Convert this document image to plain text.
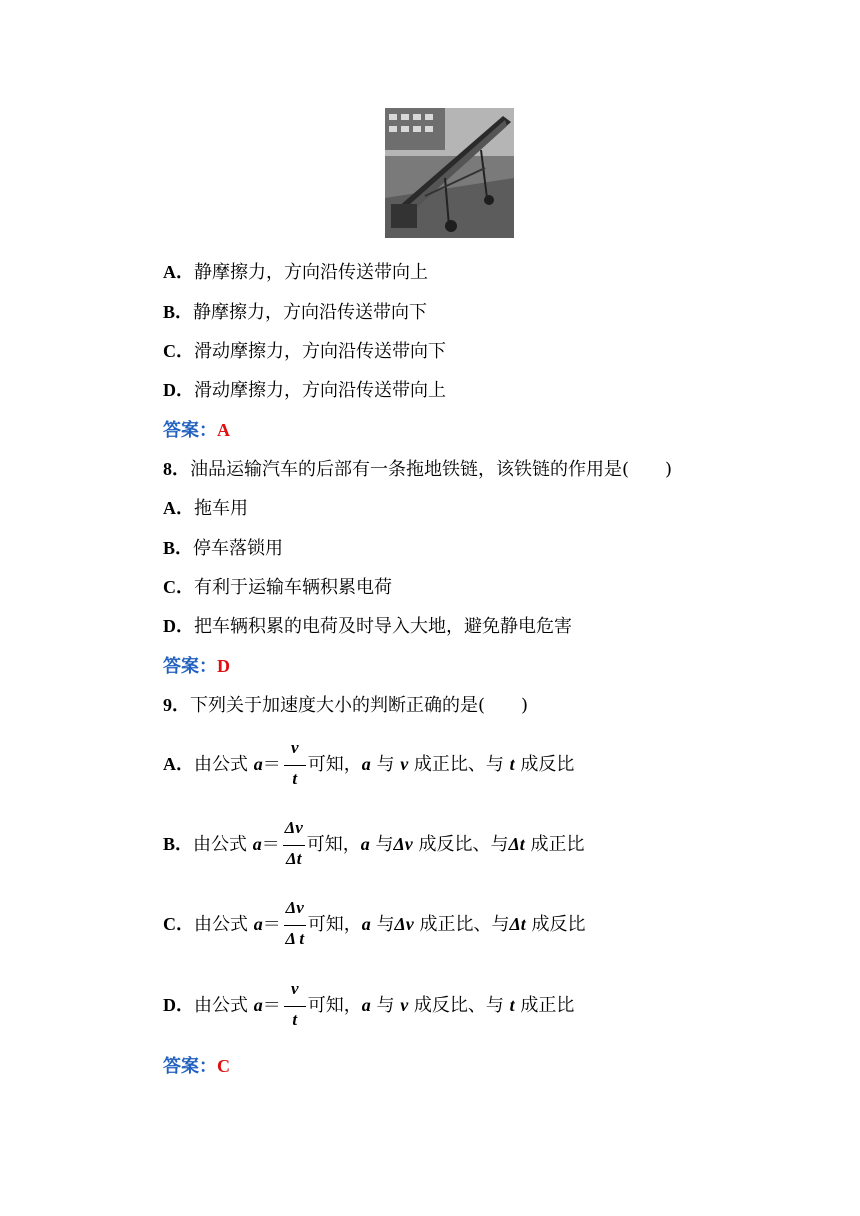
A．静摩擦力，方向沿传送带向上
B．静摩擦力，方向沿传送带向下
C．滑动摩擦力，方向沿传送带向下
D．滑动摩擦力，方向沿传送带向上
答案：A
8．油品运输汽车的后部有一条拖地铁链，该铁链的作用是(　　)
A．拖车用
B．停车落锁用
C．有利于运输车辆积累电荷
D．把车辆积累的电荷及时导入大地，避免静电危害
答案：D
9．下列关于加速度大小的判断正确的是(　　)
A．由公式 $a= \frac{v}{t}$ 可知，a 与 v 成正比、与 t 成反比
B．由公式 $a= \frac{\Delta v}{\Delta t}$ 可知，a 与Δv 成反比、与Δt 成正比
C．由公式 $a= \frac{\Delta v}{\text{Δ t}}$ 可知，a 与Δv 成正比、与Δt 成反比
D．由公式 $a= \frac{v}{t}$ 可知，a 与 v 成反比、与 t 成正比
答案：C
